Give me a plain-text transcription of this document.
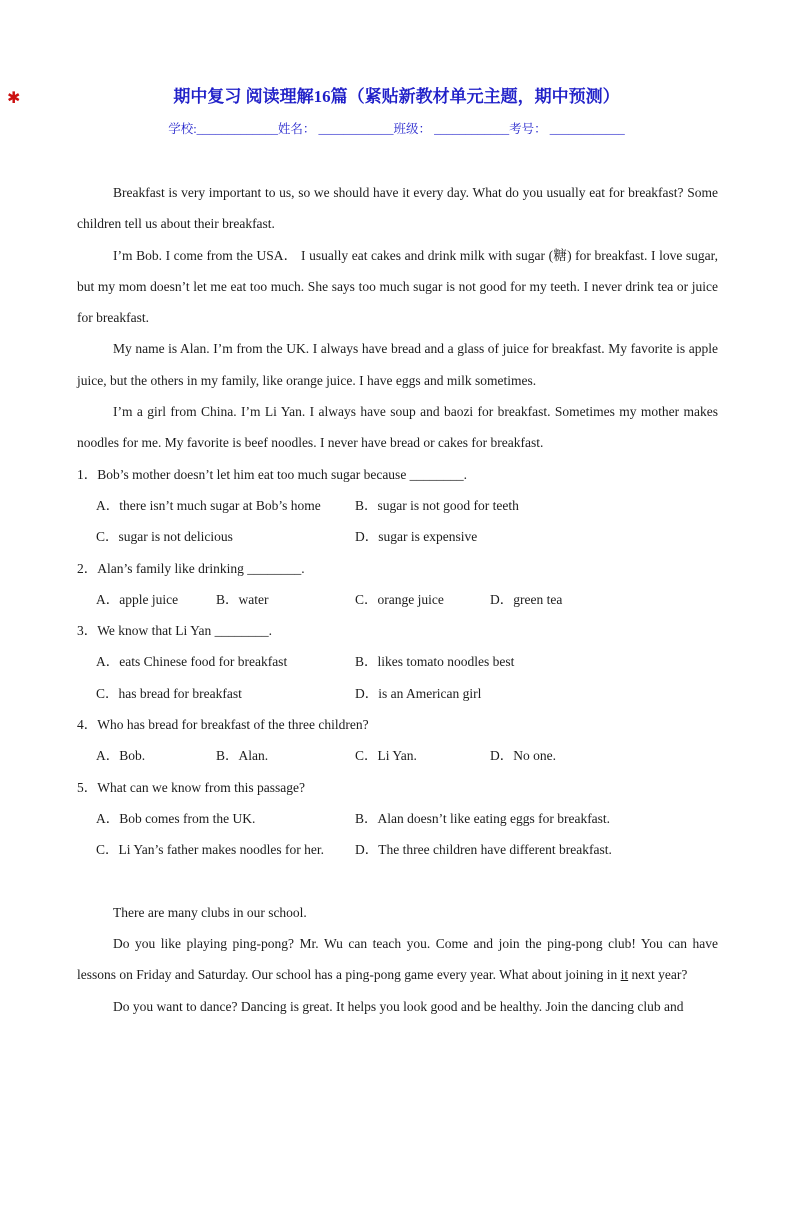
✱	期中复习 阅读理解16篇（紧贴新教材单元主题，期中预测）
学校:_____________姓名： ____________班级： ____________考号： ____________

Breakfast is very important to us, so we should have it every day. What do you usually eat for breakfast? Some children tell us about their breakfast.

I’m Bob. I come from the USA． I usually eat cakes and drink milk with sugar (糖) for breakfast. I love sugar, but my mom doesn’t let me eat too much. She says too much sugar is not good for my teeth. I never drink tea or juice for breakfast.

My name is Alan. I’m from the UK. I always have bread and a glass of juice for breakfast. My favorite is apple juice, but the others in my family, like orange juice. I have eggs and milk sometimes.

I’m a girl from China. I’m Li Yan. I always have soup and baozi for breakfast. Sometimes my mother makes noodles for me. My favorite is beef noodles. I never have bread or cakes for breakfast.

1．Bob’s mother doesn’t let him eat too much sugar because ________.
A．there isn’t much sugar at Bob’s home	B．sugar is not good for teeth
C．sugar is not delicious	D．sugar is expensive
2．Alan’s family like drinking ________.
A．apple juice	B．water	C．orange juice	D．green tea
3．We know that Li Yan ________.
A．eats Chinese food for breakfast	B．likes tomato noodles best
C．has bread for breakfast	D．is an American girl
4．Who has bread for breakfast of the three children?
A．Bob.	B．Alan.	C．Li Yan.	D．No one.
5．What can we know from this passage?
A．Bob comes from the UK.	B．Alan doesn’t like eating eggs for breakfast.
C．Li Yan’s father makes noodles for her.	D．The three children have different breakfast.

There are many clubs in our school.

Do you like playing ping-pong? Mr. Wu can teach you. Come and join the ping-pong club! You can have lessons on Friday and Saturday. Our school has a ping-pong game every year. What about joining in it next year?

Do you want to dance? Dancing is great. It helps you look good and be healthy. Join the dancing club and
